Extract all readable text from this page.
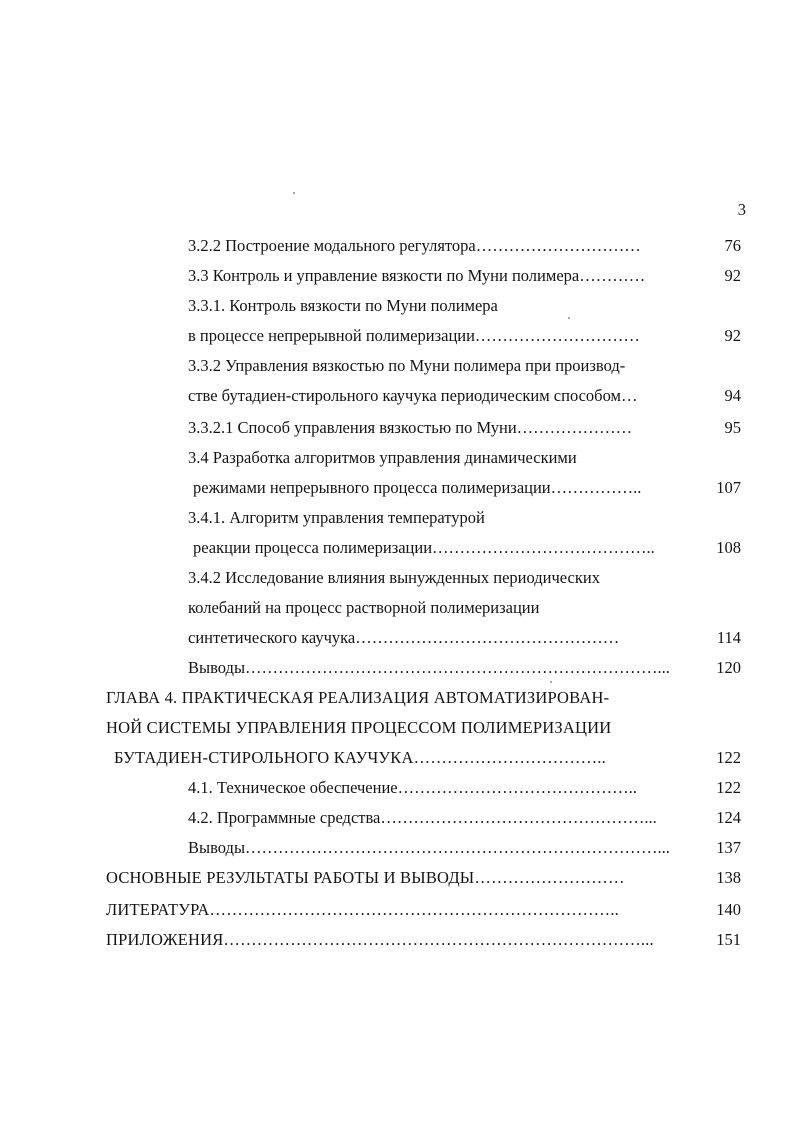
3
3.2.2 Построение модального регулятора…………………………	76
3.3 Контроль и управление вязкости по Муни полимера…………	92
3.3.1. Контроль вязкости по Муни полимера
в процессе непрерывной полимеризации…………………………	92
3.3.2 Управления вязкостью по Муни полимера при производ-
стве бутадиен-стирольного каучука периодическим способом…	94
3.3.2.1 Способ управления вязкостью по Муни…………………	95
3.4 Разработка алгоритмов управления динамическими
режимами непрерывного процесса полимеризации……………..	107
3.4.1. Алгоритм управления температурой
реакции процесса полимеризации…………………………………..	108
3.4.2 Исследование влияния вынужденных периодических
колебаний на процесс растворной полимеризации
синтетического каучука…………………………………………	114
Выводы…………………………………………………………………...	120
ГЛАВА 4. ПРАКТИЧЕСКАЯ РЕАЛИЗАЦИЯ АВТОМАТИЗИРОВАН-
НОЙ СИСТЕМЫ УПРАВЛЕНИЯ ПРОЦЕССОМ ПОЛИМЕРИЗАЦИИ
БУТАДИЕН-СТИРОЛЬНОГО КАУЧУКА……………………………..	122
4.1. Техническое обеспечение……………………………………..	122
4.2. Программные средства…………………………………………...	124
Выводы…………………………………………………………………...	137
ОСНОВНЫЕ РЕЗУЛЬТАТЫ РАБОТЫ И ВЫВОДЫ………………………	138
ЛИТЕРАТУРА………………………………………………………………..	140
ПРИЛОЖЕНИЯ…………………………………………………………………...	151
